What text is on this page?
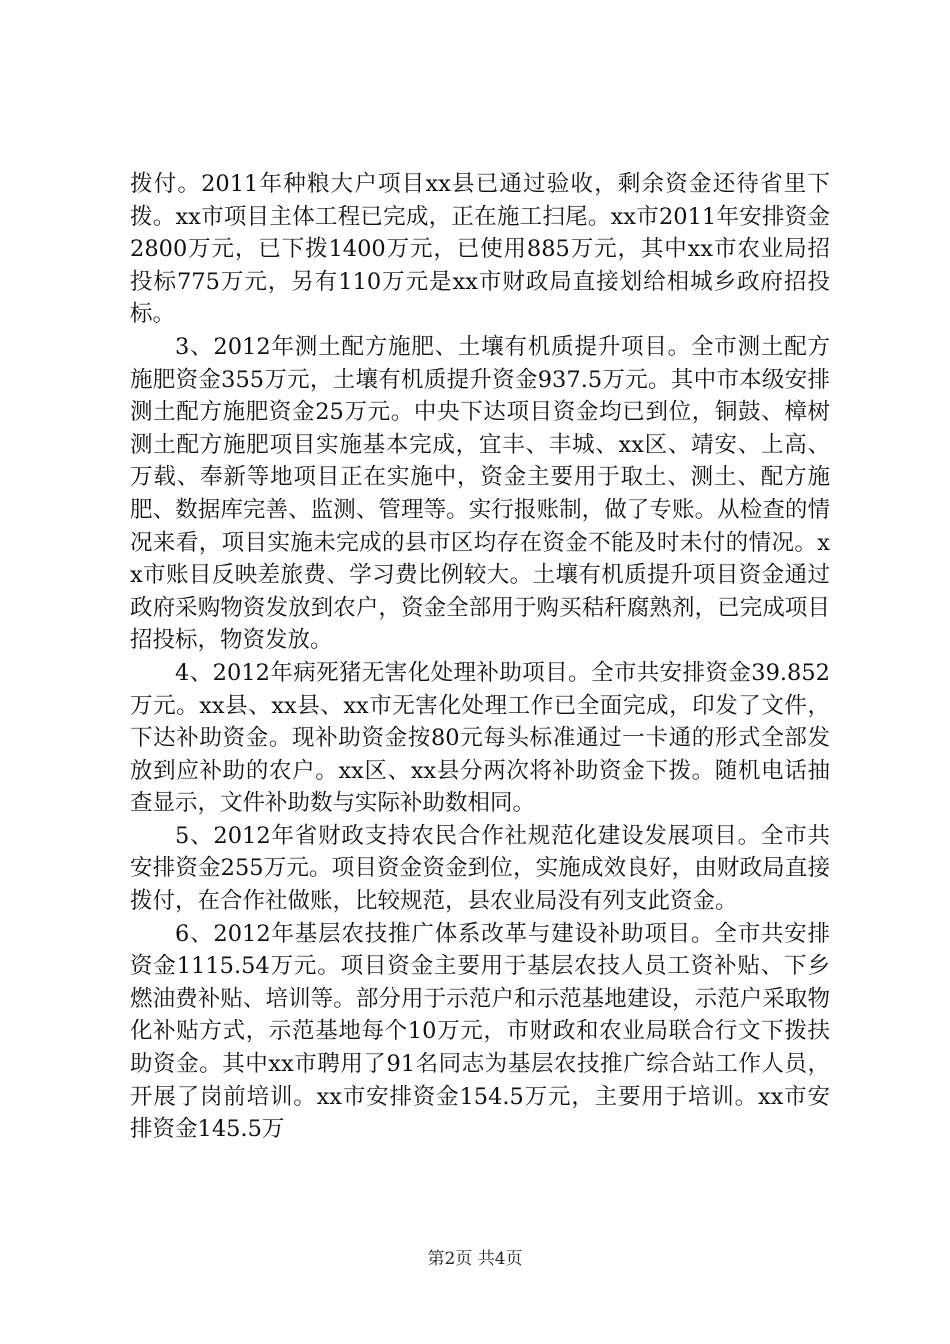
拨付。2011年种粮大户项目xx县已通过验收，剩余资金还待省里下拨。xx市项目主体工程已完成，正在施工扫尾。xx市2011年安排资金2800万元，已下拨1400万元，已使用885万元，其中xx市农业局招投标775万元，另有110万元是xx市财政局直接划给相城乡政府招投标。

3、2012年测土配方施肥、土壤有机质提升项目。全市测土配方施肥资金355万元，土壤有机质提升资金937.5万元。其中市本级安排测土配方施肥资金25万元。中央下达项目资金均已到位，铜鼓、樟树测土配方施肥项目实施基本完成，宜丰、丰城、xx区、靖安、上高、万载、奉新等地项目正在实施中，资金主要用于取土、测土、配方施肥、数据库完善、监测、管理等。实行报账制，做了专账。从检查的情况来看，项目实施未完成的县市区均存在资金不能及时未付的情况。xx市账目反映差旅费、学习费比例较大。土壤有机质提升项目资金通过政府采购物资发放到农户，资金全部用于购买秸秆腐熟剂，已完成项目招投标，物资发放。

4、2012年病死猪无害化处理补助项目。全市共安排资金39.852万元。xx县、xx县、xx市无害化处理工作已全面完成，印发了文件，下达补助资金。现补助资金按80元每头标准通过一卡通的形式全部发放到应补助的农户。xx区、xx县分两次将补助资金下拨。随机电话抽查显示，文件补助数与实际补助数相同。

5、2012年省财政支持农民合作社规范化建设发展项目。全市共安排资金255万元。项目资金资金到位，实施成效良好，由财政局直接拨付，在合作社做账，比较规范，县农业局没有列支此资金。

6、2012年基层农技推广体系改革与建设补助项目。全市共安排资金1115.54万元。项目资金主要用于基层农技人员工资补贴、下乡燃油费补贴、培训等。部分用于示范户和示范基地建设，示范户采取物化补贴方式，示范基地每个10万元，市财政和农业局联合行文下拨扶助资金。其中xx市聘用了91名同志为基层农技推广综合站工作人员，开展了岗前培训。xx市安排资金154.5万元，主要用于培训。xx市安排资金145.5万

第2页 共4页
